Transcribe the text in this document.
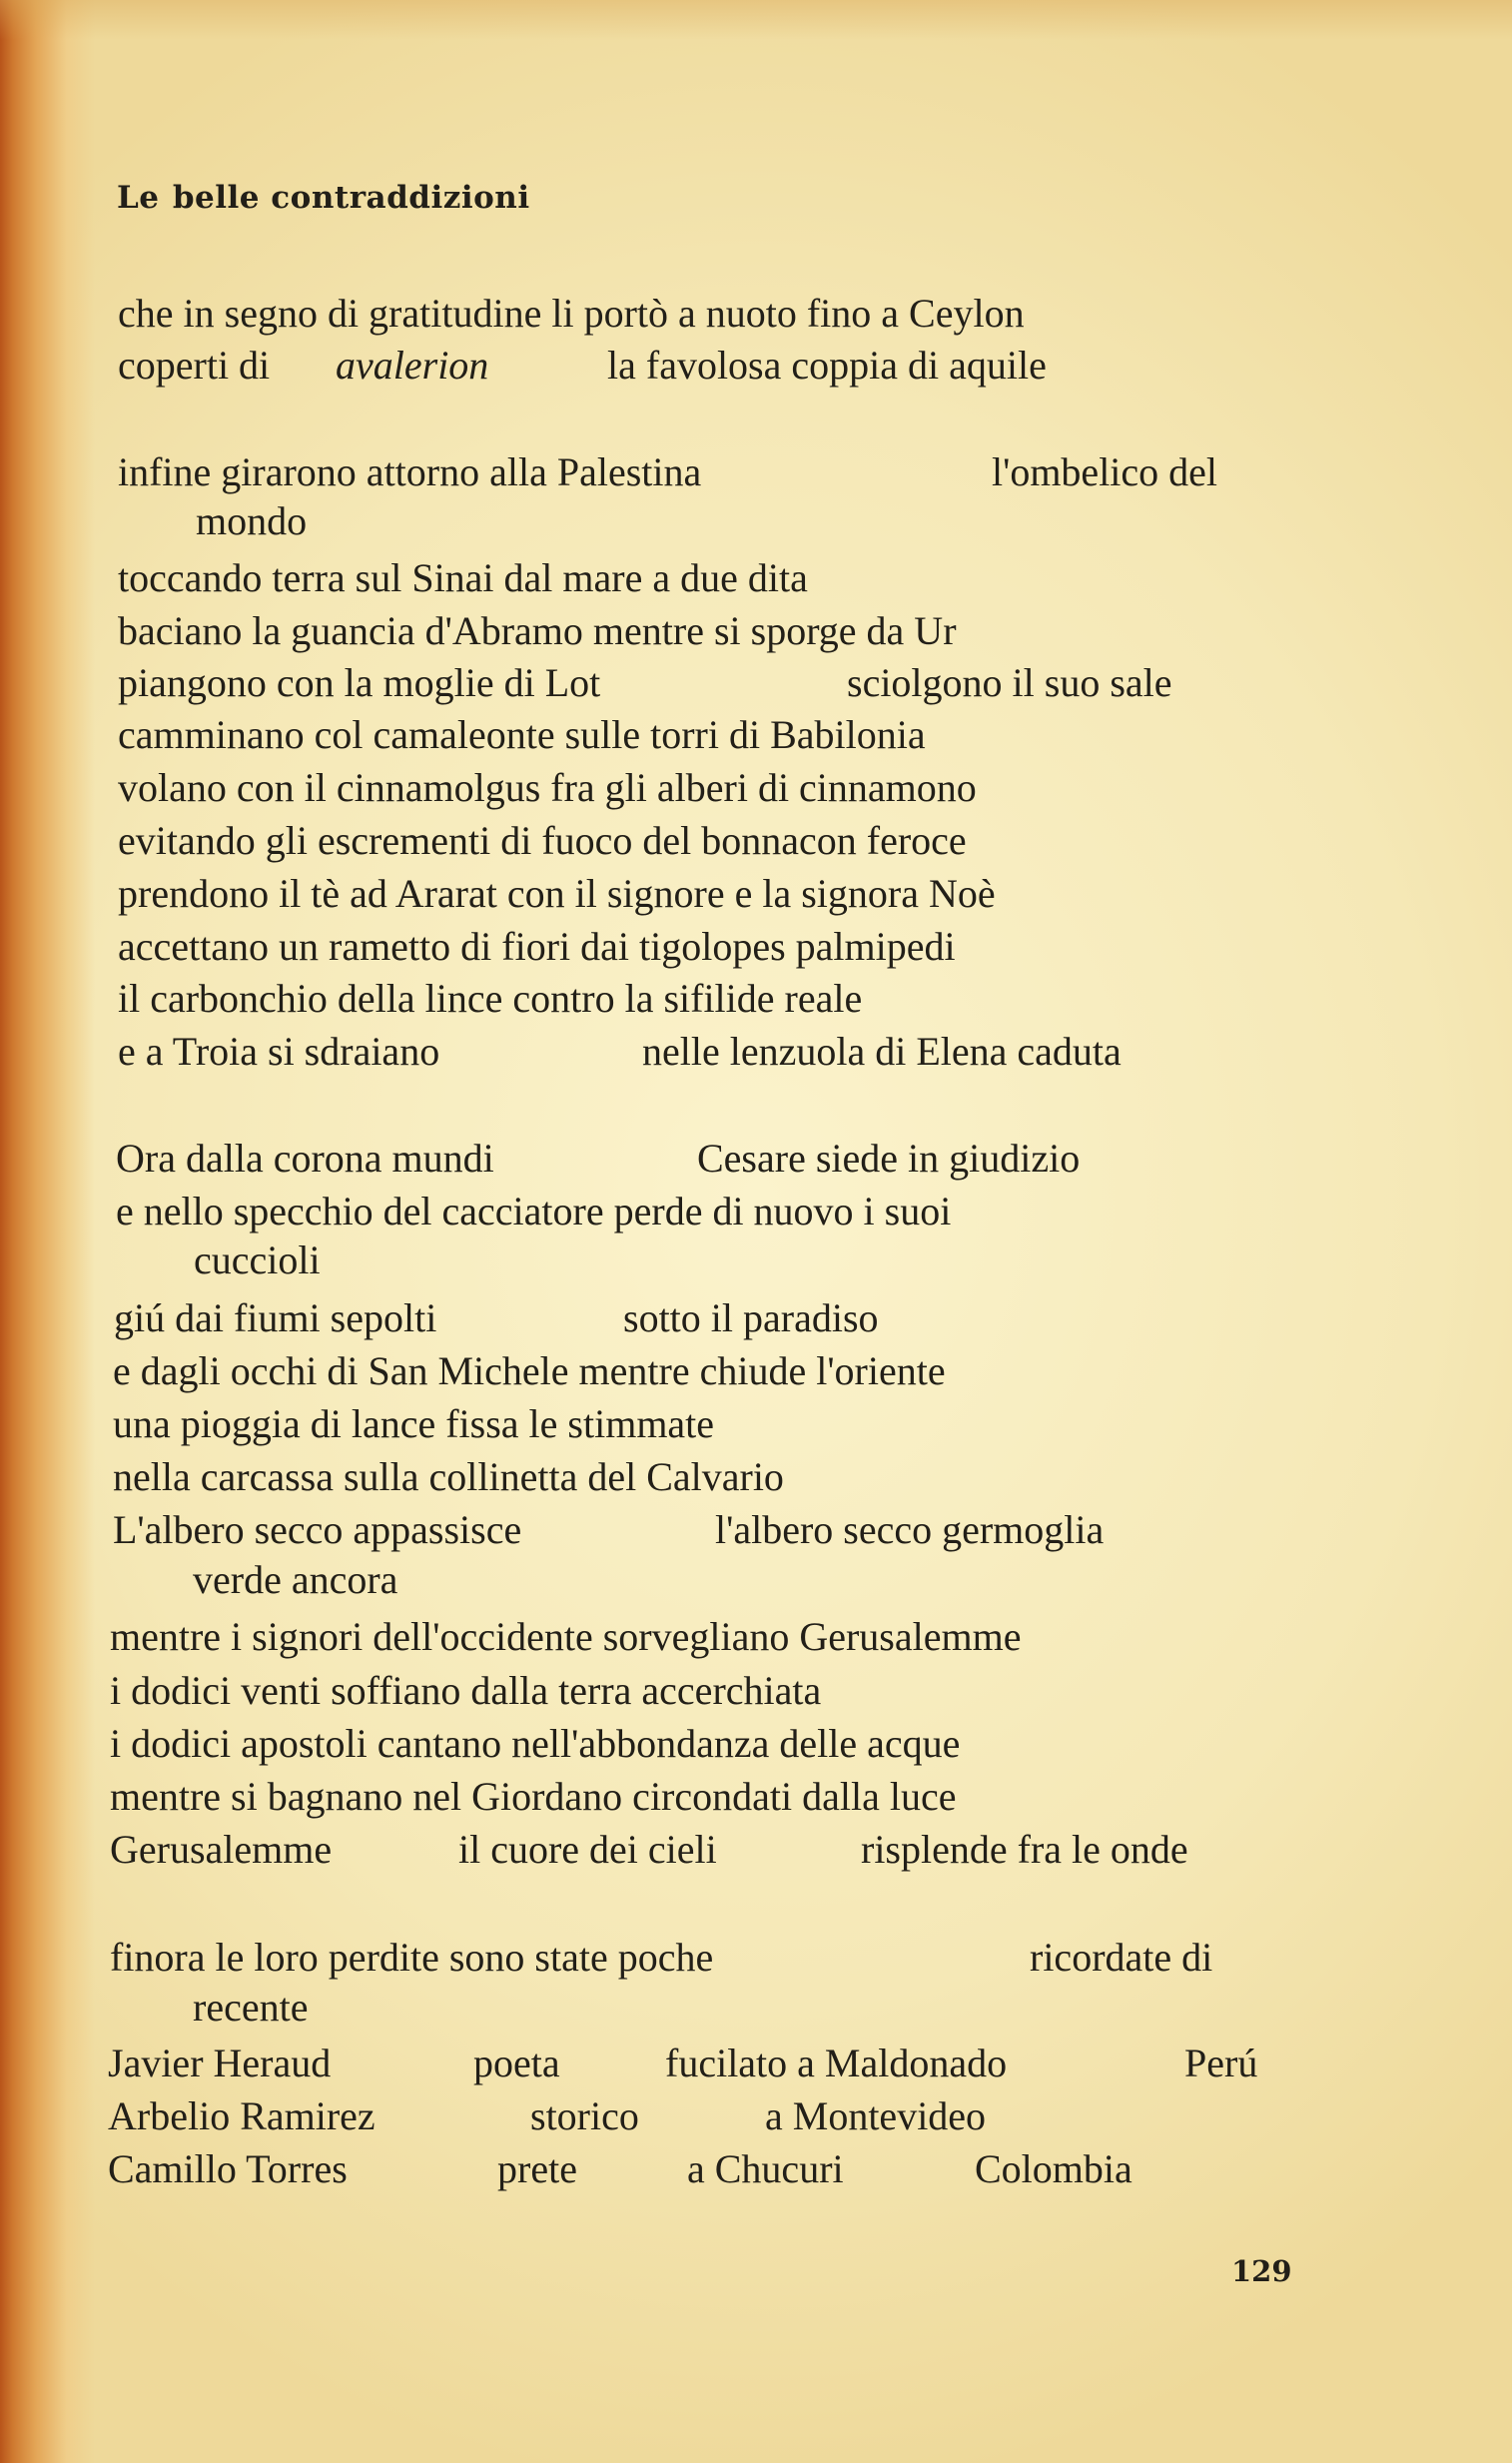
Le belle contraddizioni
che in segno di gratitudine li portò a nuoto fino a Ceylon
coperti di avalerion	la favolosa coppia di aquile
infine girarono attorno alla Palestina	l'ombelico del
mondo
toccando terra sul Sinai dal mare a due dita
baciano la guancia d'Abramo mentre si sporge da Ur
piangono con la moglie di Lot	sciolgono il suo sale
camminano col camaleonte sulle torri di Babilonia
volano con il cinnamolgus fra gli alberi di cinnamono
evitando gli escrementi di fuoco del bonnacon feroce
prendono il tè ad Ararat con il signore e la signora Noè
accettano un rametto di fiori dai tigolopes palmipedi
il carbonchio della lince contro la sifilide reale
e a Troia si sdraiano	nelle lenzuola di Elena caduta
Ora dalla corona mundi	Cesare siede in giudizio
e nello specchio del cacciatore perde di nuovo i suoi
cuccioli
giú dai fiumi sepolti	sotto il paradiso
e dagli occhi di San Michele mentre chiude l'oriente
una pioggia di lance fissa le stimmate
nella carcassa sulla collinetta del Calvario
L'albero secco appassisce	l'albero secco germoglia
verde ancora
mentre i signori dell'occidente sorvegliano Gerusalemme
i dodici venti soffiano dalla terra accerchiata
i dodici apostoli cantano nell'abbondanza delle acque
mentre si bagnano nel Giordano circondati dalla luce
Gerusalemme	il cuore dei cieli	risplende fra le onde
finora le loro perdite sono state poche	ricordate di
recente
Javier Heraud	poeta	fucilato a Maldonado	Perú
Arbelio Ramirez	storico	a Montevideo
Camillo Torres	prete	a Chucuri	Colombia
129
